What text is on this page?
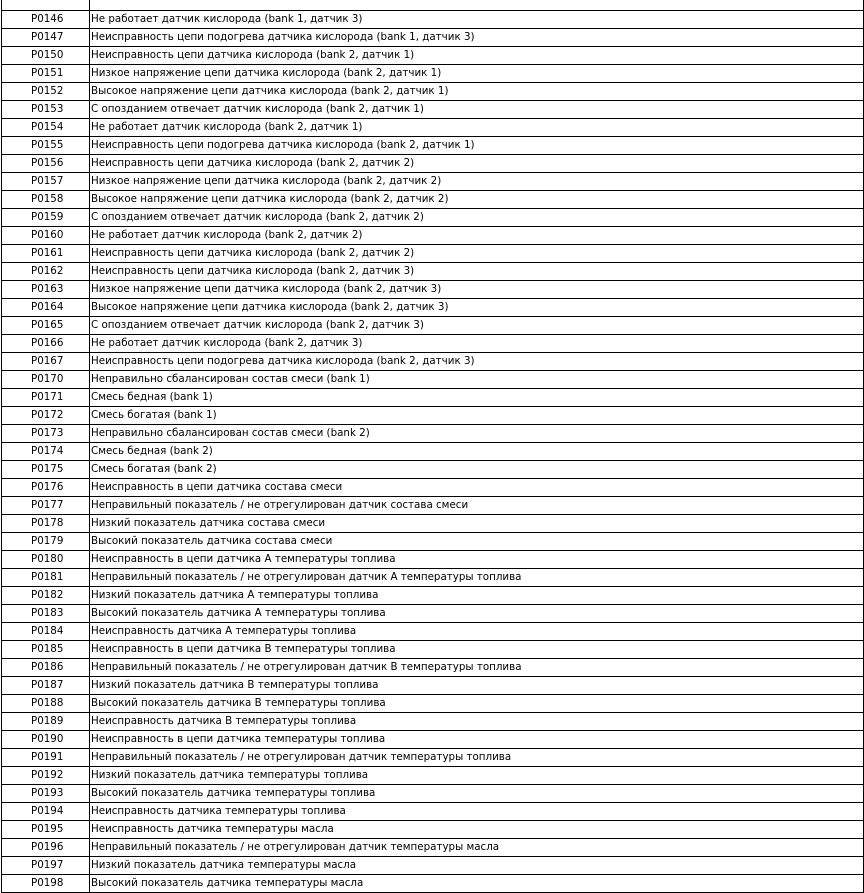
P0146	Не работает датчик кислорода (bank 1, датчик 3)
P0147	Неисправность цепи подогрева датчика кислорода (bank 1, датчик 3)
P0150	Неисправность цепи датчика кислорода (bank 2, датчик 1)
P0151	Низкое напряжение цепи датчика кислорода (bank 2, датчик 1)
P0152	Высокое напряжение цепи датчика кислорода (bank 2, датчик 1)
P0153	С опозданием отвечает датчик кислорода (bank 2, датчик 1)
P0154	Не работает датчик кислорода (bank 2, датчик 1)
P0155	Неисправность цепи подогрева датчика кислорода (bank 2, датчик 1)
P0156	Неисправность цепи датчика кислорода (bank 2, датчик 2)
P0157	Низкое напряжение цепи датчика кислорода (bank 2, датчик 2)
P0158	Высокое напряжение цепи датчика кислорода (bank 2, датчик 2)
P0159	С опозданием отвечает датчик кислорода (bank 2, датчик 2)
P0160	Не работает датчик кислорода (bank 2, датчик 2)
P0161	Неисправность цепи датчика кислорода (bank 2, датчик 2)
P0162	Неисправность цепи датчика кислорода (bank 2, датчик 3)
P0163	Низкое напряжение цепи датчика кислорода (bank 2, датчик 3)
P0164	Высокое напряжение цепи датчика кислорода (bank 2, датчик 3)
P0165	С опозданием отвечает датчик кислорода (bank 2, датчик 3)
P0166	Не работает датчик кислорода (bank 2, датчик 3)
P0167	Неисправность цепи подогрева датчика кислорода (bank 2, датчик 3)
P0170	Неправильно сбалансирован состав смеси (bank 1)
P0171	Смесь бедная (bank 1)
P0172	Смесь богатая (bank 1)
P0173	Неправильно сбалансирован состав смеси (bank 2)
P0174	Смесь бедная (bank 2)
P0175	Смесь богатая (bank 2)
P0176	Неисправность в цепи датчика состава смеси
P0177	Неправильный показатель / не отрегулирован датчик состава смеси
P0178	Низкий показатель датчика состава смеси
P0179	Высокий показатель датчика состава смеси
P0180	Неисправность в цепи датчика А температуры топлива
P0181	Неправильный показатель / не отрегулирован датчик А температуры топлива
P0182	Низкий показатель датчика А температуры топлива
P0183	Высокий показатель датчика А температуры топлива
P0184	Неисправность датчика А температуры топлива
P0185	Неисправность в цепи датчика В температуры топлива
P0186	Неправильный показатель / не отрегулирован датчик В температуры топлива
P0187	Низкий показатель датчика В температуры топлива
P0188	Высокий показатель датчика В температуры топлива
P0189	Неисправность датчика В температуры топлива
P0190	Неисправность в цепи датчика температуры топлива
P0191	Неправильный показатель / не отрегулирован датчик температуры топлива
P0192	Низкий показатель датчика температуры топлива
P0193	Высокий показатель датчика температуры топлива
P0194	Неисправность датчика температуры топлива
P0195	Неисправность датчика температуры масла
P0196	Неправильный показатель / не отрегулирован датчик температуры масла
P0197	Низкий показатель датчика температуры масла
P0198	Высокий показатель датчика температуры масла
